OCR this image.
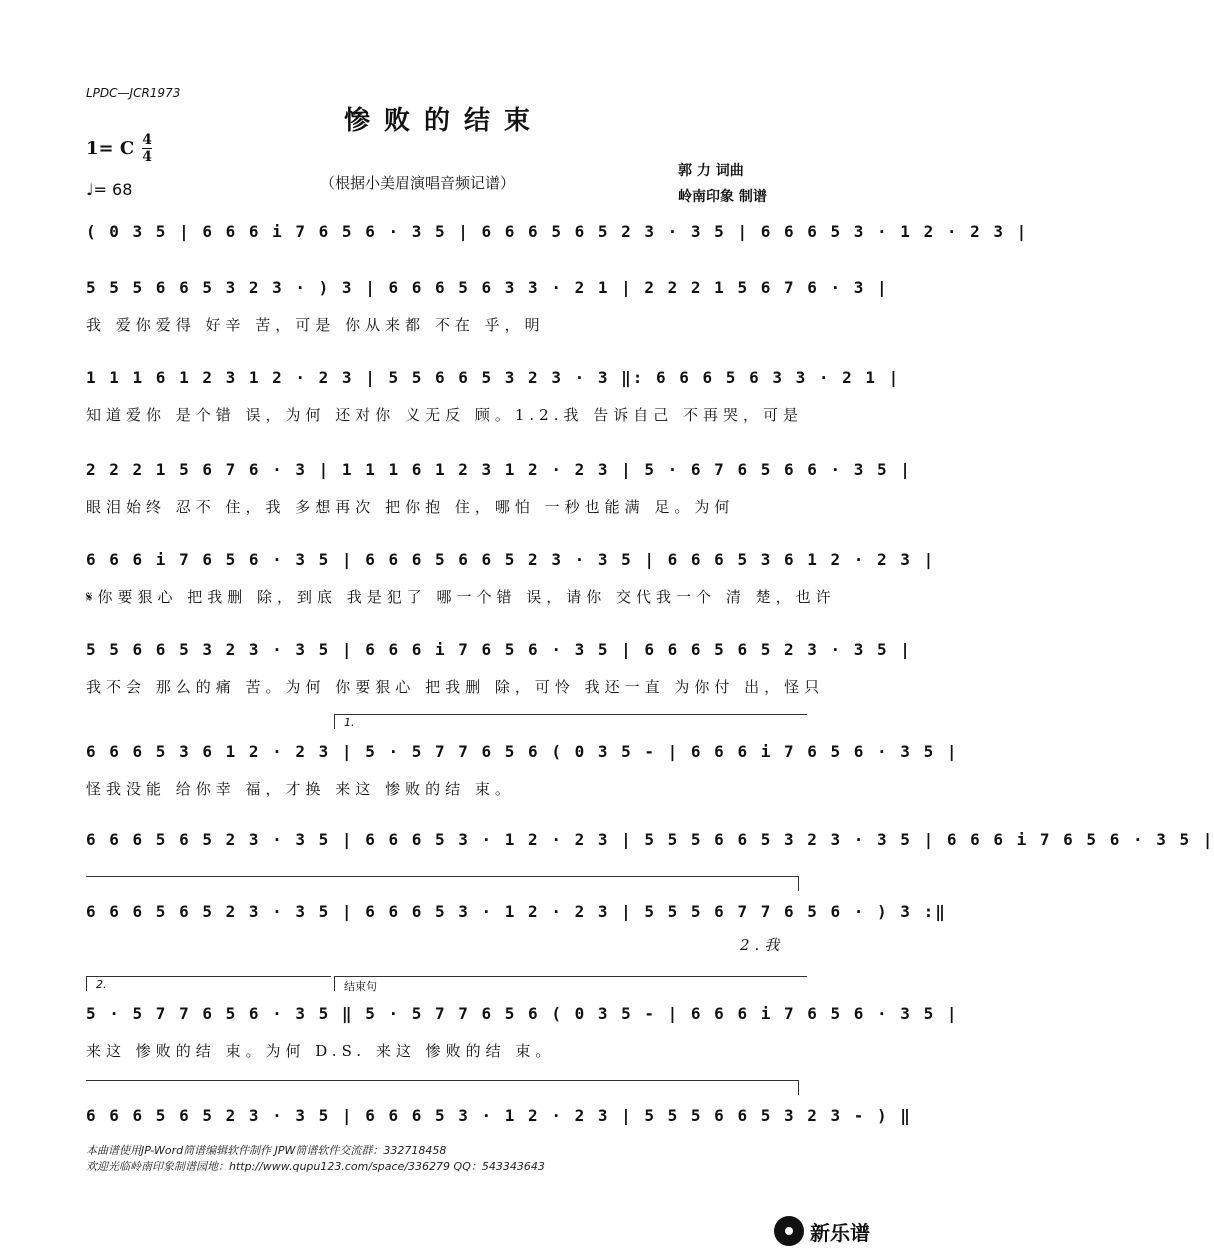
LPDC—JCR1973
惨败的结束
1= C $\frac{4}{4}$
♩= 68	（根据小美眉演唱音频记谱）
郭 力 词曲
岭南印象 制谱
( 0 3 5 | 6 6 6 i 7 6 5 6 · 3 5 | 6 6 6 5 6 5 2 3 · 3 5 | 6 6 6 5 3 · 1 2 · 2 3 |
5 5 5 6 6 5 3 2 3 · ) 3 | 6 6 6 5 6 3 3 · 2 1 | 2 2 2 1 5 6 7 6 · 3 |
我 爱你爱得 好辛 苦，可是 你从来都 不在 乎，明
1 1 1 6 1 2 3 1 2 · 2 3 | 5 5 6 6 5 3 2 3 · 3 ‖: 6 6 6 5 6 3 3 · 2 1 |
知道爱你 是个错 误，为何 还对你 义无反 顾。1.2.我 告诉自己 不再哭，可是
2 2 2 1 5 6 7 6 · 3 | 1 1 1 6 1 2 3 1 2 · 2 3 | 5 · 6 7 6 5 6 6 · 3 5 |
眼泪始终 忍不 住，我 多想再次 把你抱 住，哪怕 一秒也能满 足。为何
6 6 6 i 7 6 5 6 · 3 5 | 6 6 6 5 6 6 5 2 3 · 3 5 | 6 6 6 5 3 6 1 2 · 2 3 |
𝄋你要狠心 把我删 除，到底 我是犯了 哪一个错 误，请你 交代我一个 清 楚，也许
5 5 6 6 5 3 2 3 · 3 5 | 6 6 6 i 7 6 5 6 · 3 5 | 6 6 6 5 6 5 2 3 · 3 5 |
我不会 那么的痛 苦。为何 你要狠心 把我删 除，可怜 我还一直 为你付 出，怪只
1.
6 6 6 5 3 6 1 2 · 2 3 | 5 · 5 7 7 6 5 6 ( 0 3 5 - | 6 6 6 i 7 6 5 6 · 3 5 |
怪我没能 给你幸 福，才换 来这 惨败的结 束。
6 6 6 5 6 5 2 3 · 3 5 | 6 6 6 5 3 · 1 2 · 2 3 | 5 5 5 6 6 5 3 2 3 · 3 5 | 6 6 6 i 7 6 5 6 · 3 5 |
6 6 6 5 6 5 2 3 · 3 5 | 6 6 6 5 3 · 1 2 · 2 3 | 5 5 5 6 7 7 6 5 6 · ) 3 :‖
2.我
2.	结束句
5 · 5 7 7 6 5 6 · 3 5 ‖ 5 · 5 7 7 6 5 6 ( 0 3 5 - | 6 6 6 i 7 6 5 6 · 3 5 |
来这 惨败的结 束。为何 D.S. 来这 惨败的结 束。
6 6 6 5 6 5 2 3 · 3 5 | 6 6 6 5 3 · 1 2 · 2 3 | 5 5 5 6 6 5 3 2 3 - ) ‖
本曲谱使用JP-Word简谱编辑软件制作 JPW简谱软件交流群：332718458
欢迎光临岭南印象制谱园地：http://www.qupu123.com/space/336279 QQ：543343643
新乐谱
